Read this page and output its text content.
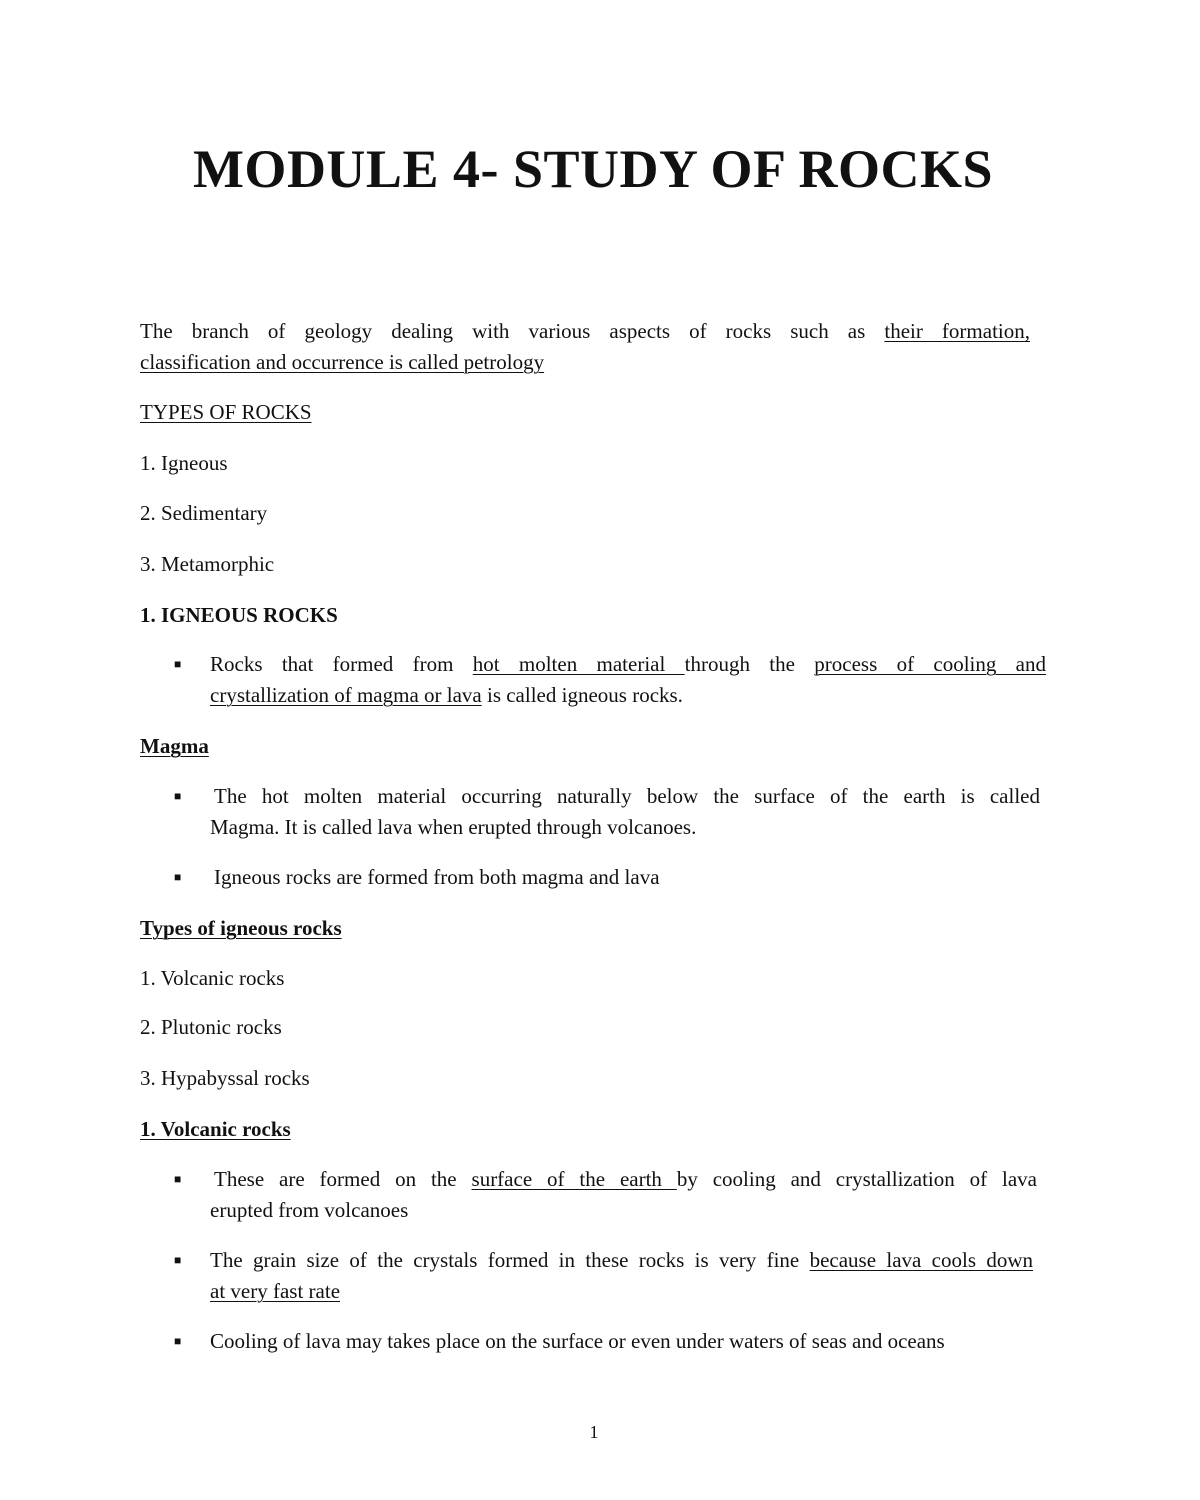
MODULE 4- STUDY OF ROCKS
The branch of geology dealing with various aspects of rocks such as their formation,
classification and occurrence is called petrology
TYPES OF ROCKS
1. Igneous
2. Sedimentary
3. Metamorphic
1. IGNEOUS ROCKS
■ Rocks that formed from hot molten material through the process of cooling and
crystallization of magma or lava is called igneous rocks.
Magma
■ The hot molten material occurring naturally below the surface of the earth is called
Magma. It is called lava when erupted through volcanoes.
■ Igneous rocks are formed from both magma and lava
Types of igneous rocks
1. Volcanic rocks
2. Plutonic rocks
3. Hypabyssal rocks
1. Volcanic rocks
■ These are formed on the surface of the earth by cooling and crystallization of lava
erupted from volcanoes
■ The grain size of the crystals formed in these rocks is very fine because lava cools down
at very fast rate
■ Cooling of lava may takes place on the surface or even under waters of seas and oceans
1
